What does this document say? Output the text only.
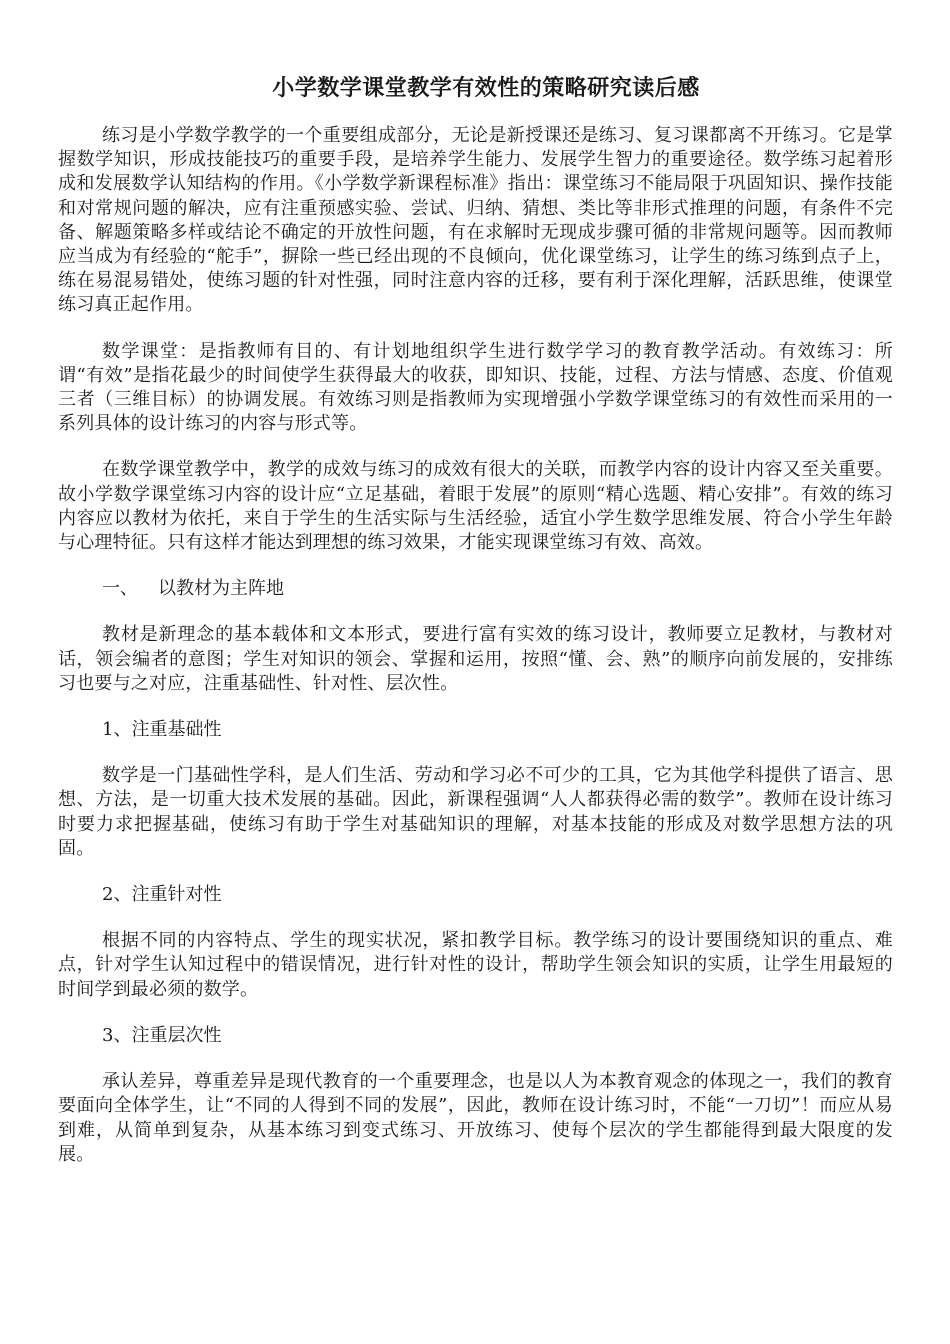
小学数学课堂教学有效性的策略研究读后感

练习是小学数学教学的一个重要组成部分，无论是新授课还是练习、复习课都离不开练习。它是掌握数学知识，形成技能技巧的重要手段，是培养学生能力、发展学生智力的重要途径。数学练习起着形成和发展数学认知结构的作用。《小学数学新课程标准》指出：课堂练习不能局限于巩固知识、操作技能和对常规问题的解决，应有注重预感实验、尝试、归纳、猜想、类比等非形式推理的问题，有条件不完备、解题策略多样或结论不确定的开放性问题，有在求解时无现成步骤可循的非常规问题等。因而教师应当成为有经验的“舵手”，摒除一些已经出现的不良倾向，优化课堂练习，让学生的练习练到点子上，练在易混易错处，使练习题的针对性强，同时注意内容的迁移，要有利于深化理解，活跃思维，使课堂练习真正起作用。

数学课堂：是指教师有目的、有计划地组织学生进行数学学习的教育教学活动。有效练习：所谓“有效”是指花最少的时间使学生获得最大的收获，即知识、技能，过程、方法与情感、态度、价值观三者（三维目标）的协调发展。有效练习则是指教师为实现增强小学数学课堂练习的有效性而采用的一系列具体的设计练习的内容与形式等。

在数学课堂教学中，教学的成效与练习的成效有很大的关联，而教学内容的设计内容又至关重要。故小学数学课堂练习内容的设计应“立足基础，着眼于发展”的原则“精心选题、精心安排”。有效的练习内容应以教材为依托，来自于学生的生活实际与生活经验，适宜小学生数学思维发展、符合小学生年龄与心理特征。只有这样才能达到理想的练习效果，才能实现课堂练习有效、高效。

一、 以教材为主阵地

教材是新理念的基本载体和文本形式，要进行富有实效的练习设计，教师要立足教材，与教材对话，领会编者的意图；学生对知识的领会、掌握和运用，按照“懂、会、熟”的顺序向前发展的，安排练习也要与之对应，注重基础性、针对性、层次性。

1、注重基础性

数学是一门基础性学科，是人们生活、劳动和学习必不可少的工具，它为其他学科提供了语言、思想、方法，是一切重大技术发展的基础。因此，新课程强调“人人都获得必需的数学”。教师在设计练习时要力求把握基础，使练习有助于学生对基础知识的理解，对基本技能的形成及对数学思想方法的巩固。

2、注重针对性

根据不同的内容特点、学生的现实状况，紧扣教学目标。教学练习的设计要围绕知识的重点、难点，针对学生认知过程中的错误情况，进行针对性的设计，帮助学生领会知识的实质，让学生用最短的时间学到最必须的数学。

3、注重层次性

承认差异，尊重差异是现代教育的一个重要理念，也是以人为本教育观念的体现之一，我们的教育要面向全体学生，让“不同的人得到不同的发展”，因此，教师在设计练习时，不能“一刀切”！而应从易到难，从简单到复杂，从基本练习到变式练习、开放练习、使每个层次的学生都能得到最大限度的发展。
